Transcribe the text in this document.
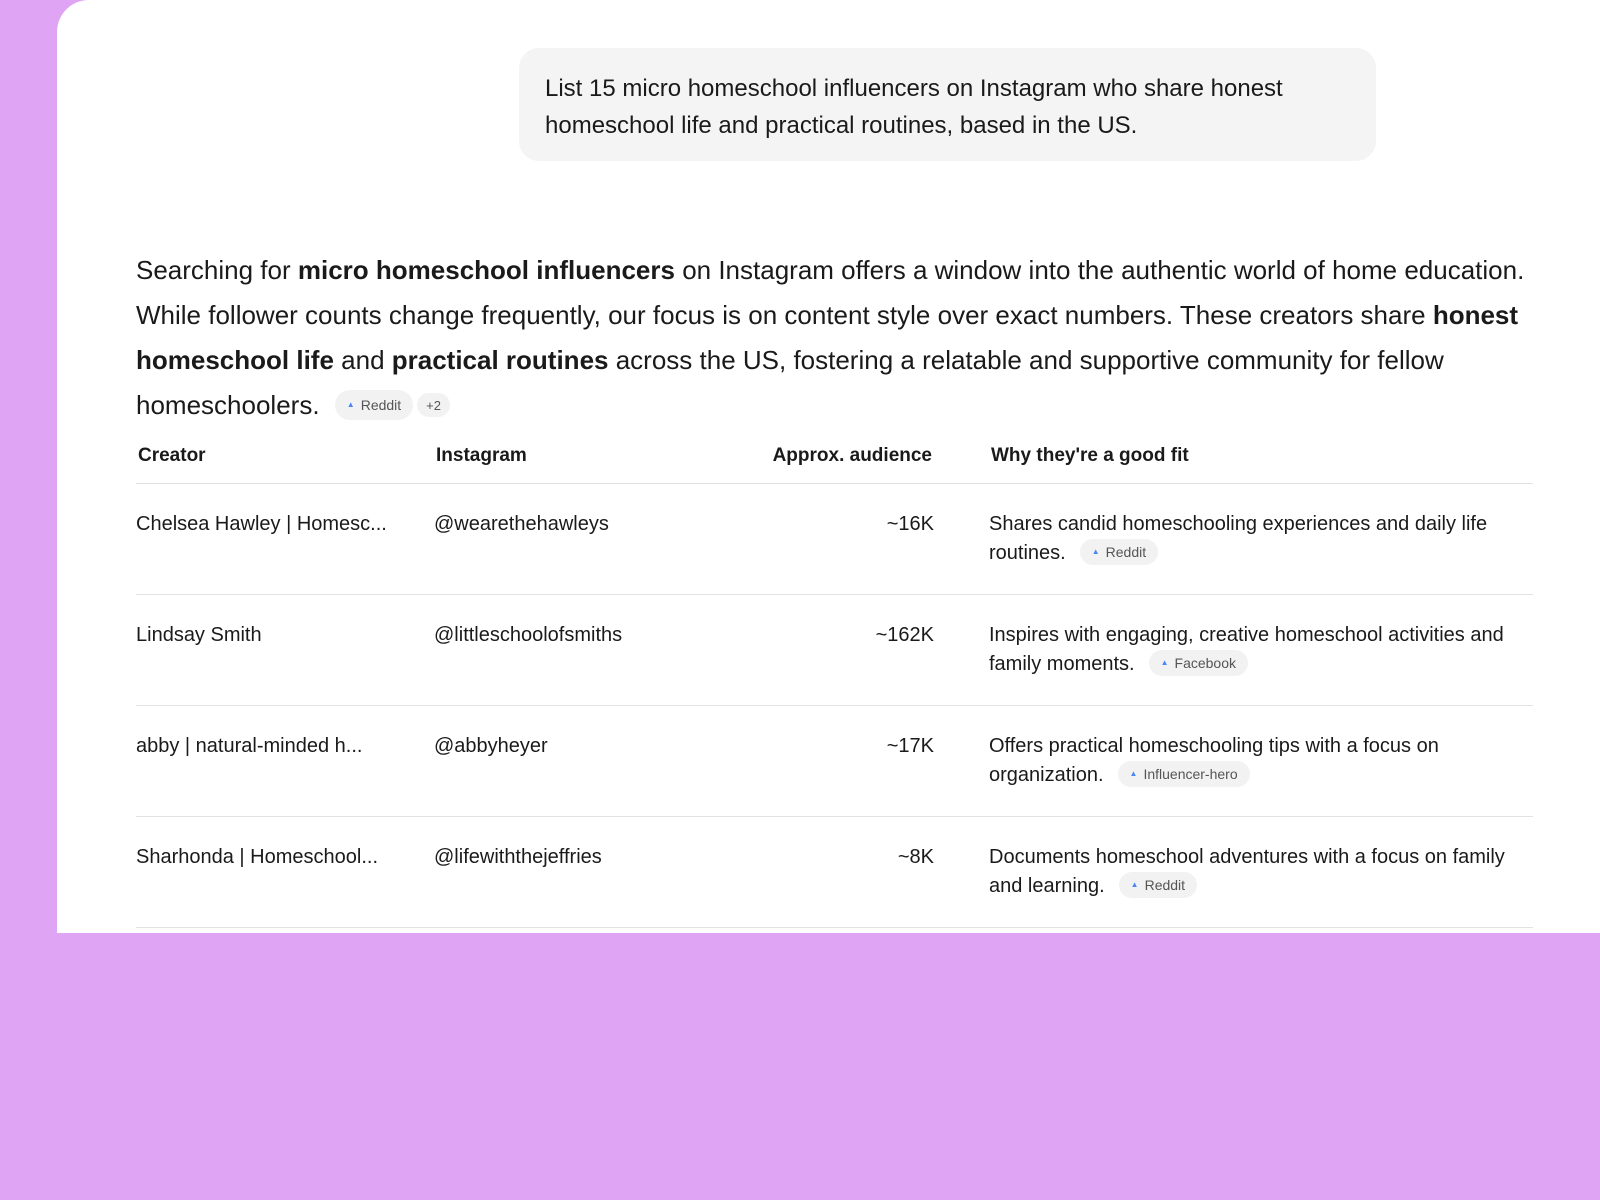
List 15 micro homeschool influencers on Instagram who share honest homeschool life and practical routines, based in the US.
Searching for micro homeschool influencers on Instagram offers a window into the authentic world of home education. While follower counts change frequently, our focus is on content style over exact numbers. These creators share honest homeschool life and practical routines across the US, fostering a relatable and supportive community for fellow homeschoolers.	▲ Reddit +2
Creator	Instagram	Approx. audience	Why they're a good fit
Chelsea Hawley | Homesc...	@wearethehawleys	~16K	Shares candid homeschooling experiences and daily life routines. ▲ Reddit

Lindsay Smith	@littleschoolofsmiths	~162K	Inspires with engaging, creative homeschool activities and family moments. ▲ Facebook

abby | natural-minded h...	@abbyheyer	~17K	Offers practical homeschooling tips with a focus on organization. ▲ Influencer-hero

Sharhonda | Homeschool...	@lifewiththejeffries	~8K	Documents homeschool adventures with a focus on family and learning. ▲ Reddit
